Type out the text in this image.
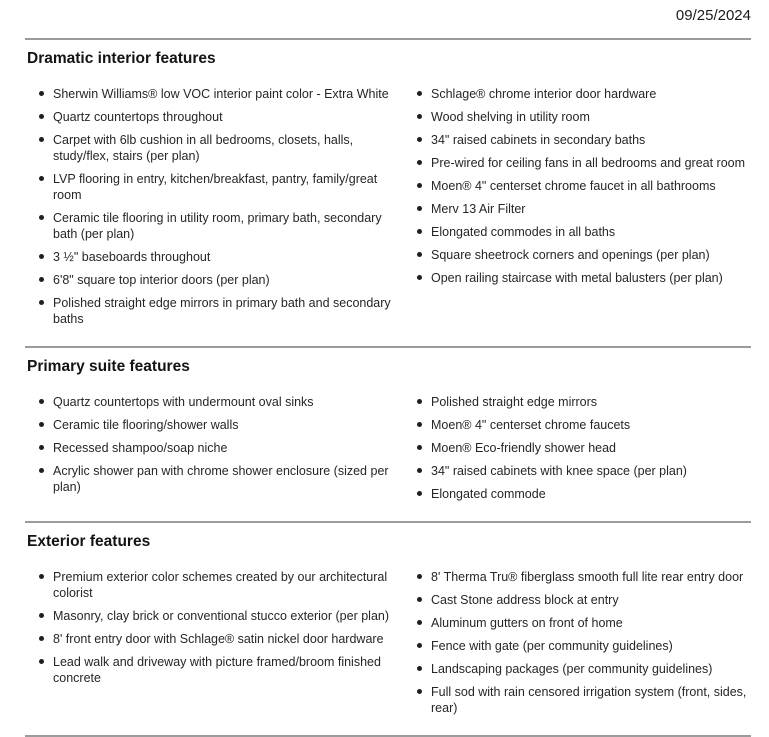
09/25/2024
Dramatic interior features
Sherwin Williams® low VOC interior paint color - Extra White
Quartz countertops throughout
Carpet with 6lb cushion in all bedrooms, closets, halls, study/flex, stairs (per plan)
LVP flooring in entry, kitchen/breakfast, pantry, family/great room
Ceramic tile flooring in utility room, primary bath, secondary bath (per plan)
3 ½" baseboards throughout
6'8" square top interior doors (per plan)
Polished straight edge mirrors in primary bath and secondary baths
Schlage® chrome interior door hardware
Wood shelving in utility room
34" raised cabinets in secondary baths
Pre-wired for ceiling fans in all bedrooms and great room
Moen® 4" centerset chrome faucet in all bathrooms
Merv 13 Air Filter
Elongated commodes in all baths
Square sheetrock corners and openings (per plan)
Open railing staircase with metal balusters (per plan)
Primary suite features
Quartz countertops with undermount oval sinks
Ceramic tile flooring/shower walls
Recessed shampoo/soap niche
Acrylic shower pan with chrome shower enclosure (sized per plan)
Polished straight edge mirrors
Moen® 4" centerset chrome faucets
Moen® Eco-friendly shower head
34" raised cabinets with knee space (per plan)
Elongated commode
Exterior features
Premium exterior color schemes created by our architectural colorist
Masonry, clay brick or conventional stucco exterior (per plan)
8' front entry door with Schlage® satin nickel door hardware
Lead walk and driveway with picture framed/broom finished concrete
8' Therma Tru® fiberglass smooth full lite rear entry door
Cast Stone address block at entry
Aluminum gutters on front of home
Fence with gate (per community guidelines)
Landscaping packages (per community guidelines)
Full sod with rain censored irrigation system (front, sides, rear)
